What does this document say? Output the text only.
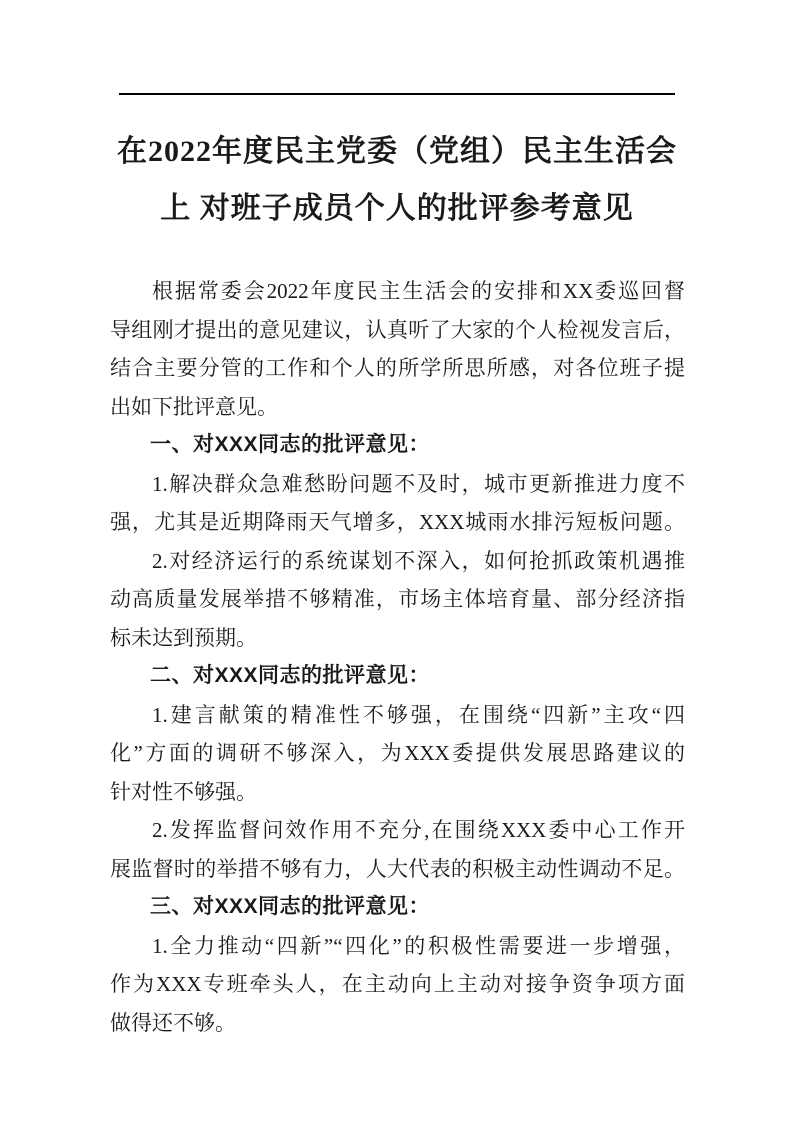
在2022年度民主党委（党组）民主生活会
上 对班子成员个人的批评参考意见
根据常委会2022年度民主生活会的安排和XX委巡回督
导组刚才提出的意见建议，认真听了大家的个人检视发言后，
结合主要分管的工作和个人的所学所思所感，对各位班子提
出如下批评意见。
一、对XXX同志的批评意见：
1.解决群众急难愁盼问题不及时，城市更新推进力度不
强，尤其是近期降雨天气增多，XXX城雨水排污短板问题。
2.对经济运行的系统谋划不深入，如何抢抓政策机遇推
动高质量发展举措不够精准，市场主体培育量、部分经济指
标未达到预期。
二、对XXX同志的批评意见：
1.建言献策的精准性不够强，在围绕“四新”主攻“四
化”方面的调研不够深入，为XXX委提供发展思路建议的
针对性不够强。
2.发挥监督问效作用不充分,在围绕XXX委中心工作开
展监督时的举措不够有力，人大代表的积极主动性调动不足。
三、对XXX同志的批评意见：
1.全力推动“四新”“四化”的积极性需要进一步增强，
作为XXX专班牵头人，在主动向上主动对接争资争项方面
做得还不够。
